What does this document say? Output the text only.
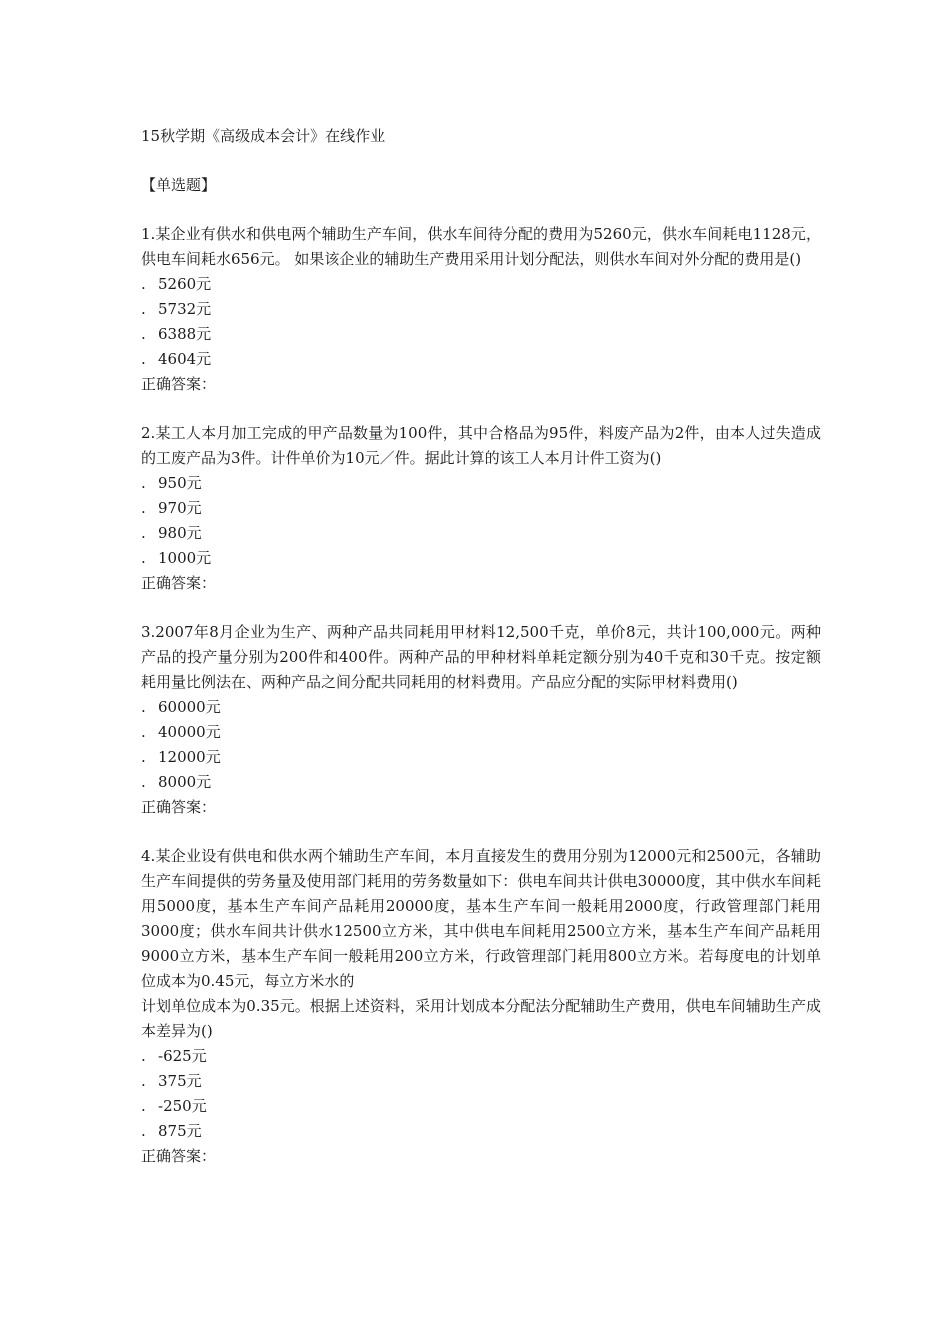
15秋学期《高级成本会计》在线作业
【单选题】

1.某企业有供水和供电两个辅助生产车间，供水车间待分配的费用为5260元，供水车间耗电1128元，供电车间耗水656元。 如果该企业的辅助生产费用采用计划分配法，则供水车间对外分配的费用是()

. 5260元
. 5732元
. 6388元
. 4604元

正确答案：

2.某工人本月加工完成的甲产品数量为100件，其中合格品为95件，料废产品为2件，由本人过失造成的工废产品为3件。计件单价为10元／件。据此计算的该工人本月计件工资为()

. 950元
. 970元
. 980元
. 1000元

正确答案：

3.2007年8月企业为生产、两种产品共同耗用甲材料12,500千克，单价8元，共计100,000元。两种产品的投产量分别为200件和400件。两种产品的甲种材料单耗定额分别为40千克和30千克。按定额耗用量比例法在、两种产品之间分配共同耗用的材料费用。产品应分配的实际甲材料费用()

. 60000元
. 40000元
. 12000元
. 8000元

正确答案：

4.某企业设有供电和供水两个辅助生产车间，本月直接发生的费用分别为12000元和2500元，各辅助生产车间提供的劳务量及使用部门耗用的劳务数量如下：供电车间共计供电30000度，其中供水车间耗用5000度，基本生产车间产品耗用20000度，基本生产车间一般耗用2000度，行政管理部门耗用3000度；供水车间共计供水12500立方米，其中供电车间耗用2500立方米，基本生产车间产品耗用9000立方米，基本生产车间一般耗用200立方米，行政管理部门耗用800立方米。若每度电的计划单位成本为0.45元，每立方米水的
计划单位成本为0.35元。根据上述资料，采用计划成本分配法分配辅助生产费用，供电车间辅助生产成本差异为()

. -625元
. 375元
. -250元
. 875元

正确答案：
